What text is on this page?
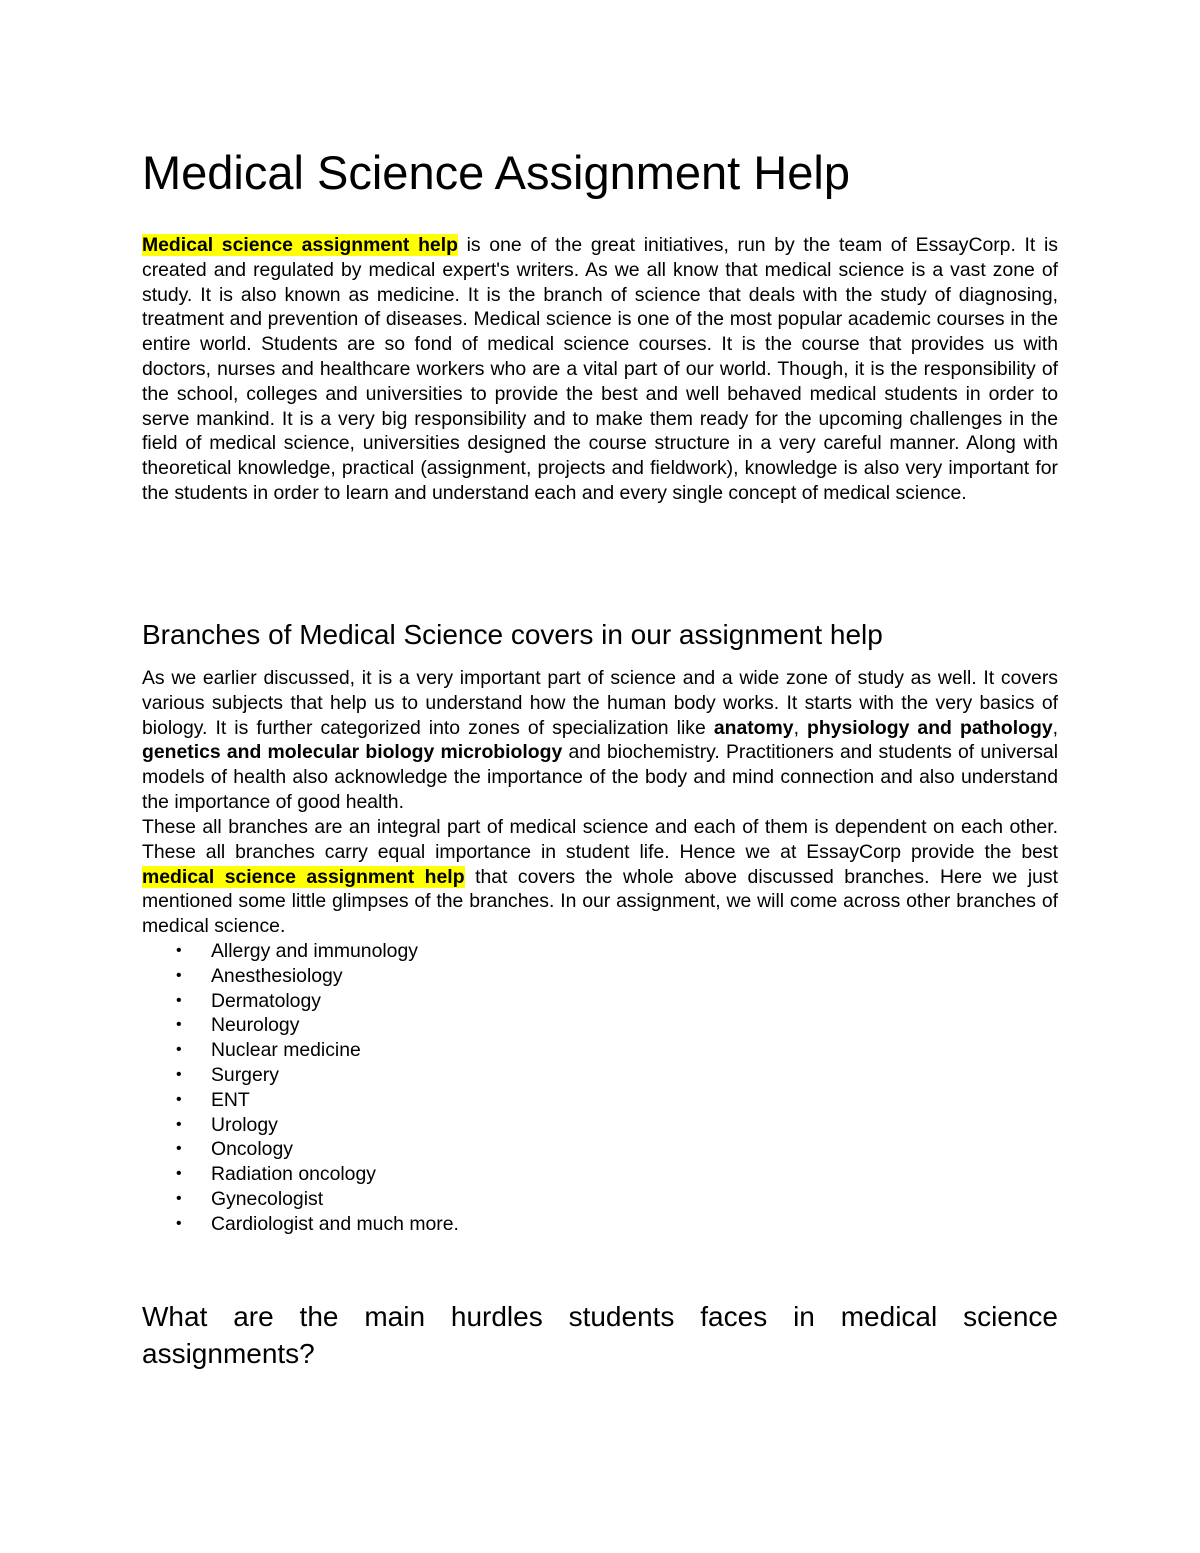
Medical Science Assignment Help

Medical science assignment help is one of the great initiatives, run by the team of EssayCorp. It is created and regulated by medical expert's writers. As we all know that medical science is a vast zone of study. It is also known as medicine. It is the branch of science that deals with the study of diagnosing, treatment and prevention of diseases. Medical science is one of the most popular academic courses in the entire world. Students are so fond of medical science courses. It is the course that provides us with doctors, nurses and healthcare workers who are a vital part of our world. Though, it is the responsibility of the school, colleges and universities to provide the best and well behaved medical students in order to serve mankind. It is a very big responsibility and to make them ready for the upcoming challenges in the field of medical science, universities designed the course structure in a very careful manner. Along with theoretical knowledge, practical (assignment, projects and fieldwork), knowledge is also very important for the students in order to learn and understand each and every single concept of medical science.

Branches of Medical Science covers in our assignment help

As we earlier discussed, it is a very important part of science and a wide zone of study as well. It covers various subjects that help us to understand how the human body works. It starts with the very basics of biology. It is further categorized into zones of specialization like anatomy, physiology and pathology, genetics and molecular biology microbiology and biochemistry. Practitioners and students of universal models of health also acknowledge the importance of the body and mind connection and also understand the importance of good health.

These all branches are an integral part of medical science and each of them is dependent on each other. These all branches carry equal importance in student life. Hence we at EssayCorp provide the best medical science assignment help that covers the whole above discussed branches. Here we just mentioned some little glimpses of the branches. In our assignment, we will come across other branches of medical science.

• Allergy and immunology
• Anesthesiology
• Dermatology
• Neurology
• Nuclear medicine
• Surgery
• ENT
• Urology
• Oncology
• Radiation oncology
• Gynecologist
• Cardiologist and much more.
What are the main hurdles students faces in medical science
assignments?
